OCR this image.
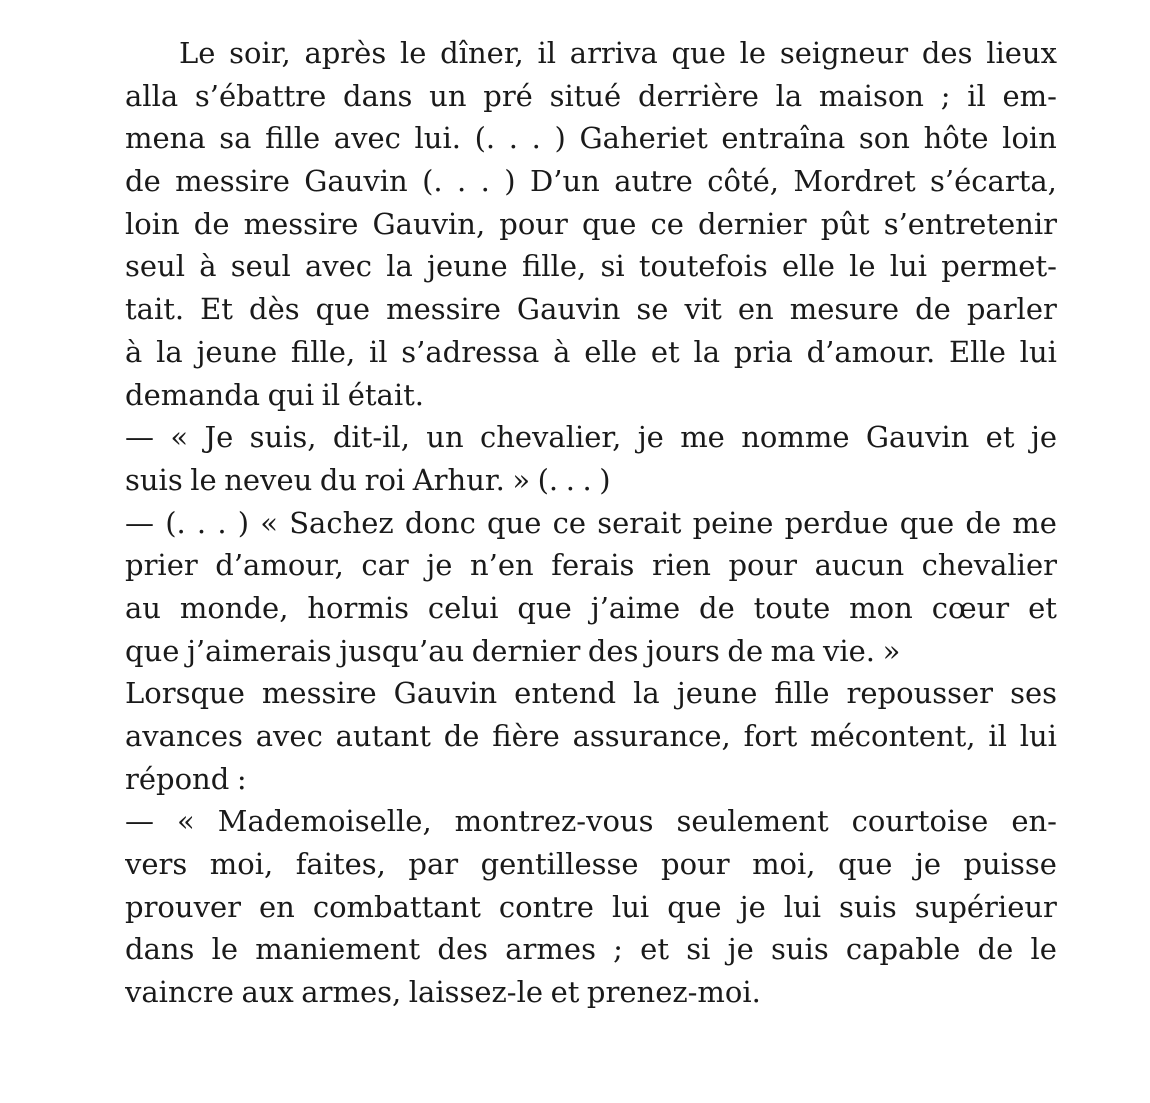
Le soir, après le dîner, il arriva que le seigneur des lieux
alla s’ébattre dans un pré situé derrière la maison ; il em-
mena sa fille avec lui. (. . . ) Gaheriet entraîna son hôte loin
de messire Gauvin (. . . ) D’un autre côté, Mordret s’écarta,
loin de messire Gauvin, pour que ce dernier pût s’entretenir
seul à seul avec la jeune fille, si toutefois elle le lui permet-
tait. Et dès que messire Gauvin se vit en mesure de parler
à la jeune fille, il s’adressa à elle et la pria d’amour. Elle lui
demanda qui il était.
— « Je suis, dit-il, un chevalier, je me nomme Gauvin et je
suis le neveu du roi Arhur. » (. . . )
— (. . . ) « Sachez donc que ce serait peine perdue que de me
prier d’amour, car je n’en ferais rien pour aucun chevalier
au monde, hormis celui que j’aime de toute mon cœur et
que j’aimerais jusqu’au dernier des jours de ma vie. »
Lorsque messire Gauvin entend la jeune fille repousser ses
avances avec autant de fière assurance, fort mécontent, il lui
répond :
— « Mademoiselle, montrez-vous seulement courtoise en-
vers moi, faites, par gentillesse pour moi, que je puisse
prouver en combattant contre lui que je lui suis supérieur
dans le maniement des armes ; et si je suis capable de le
vaincre aux armes, laissez-le et prenez-moi.
